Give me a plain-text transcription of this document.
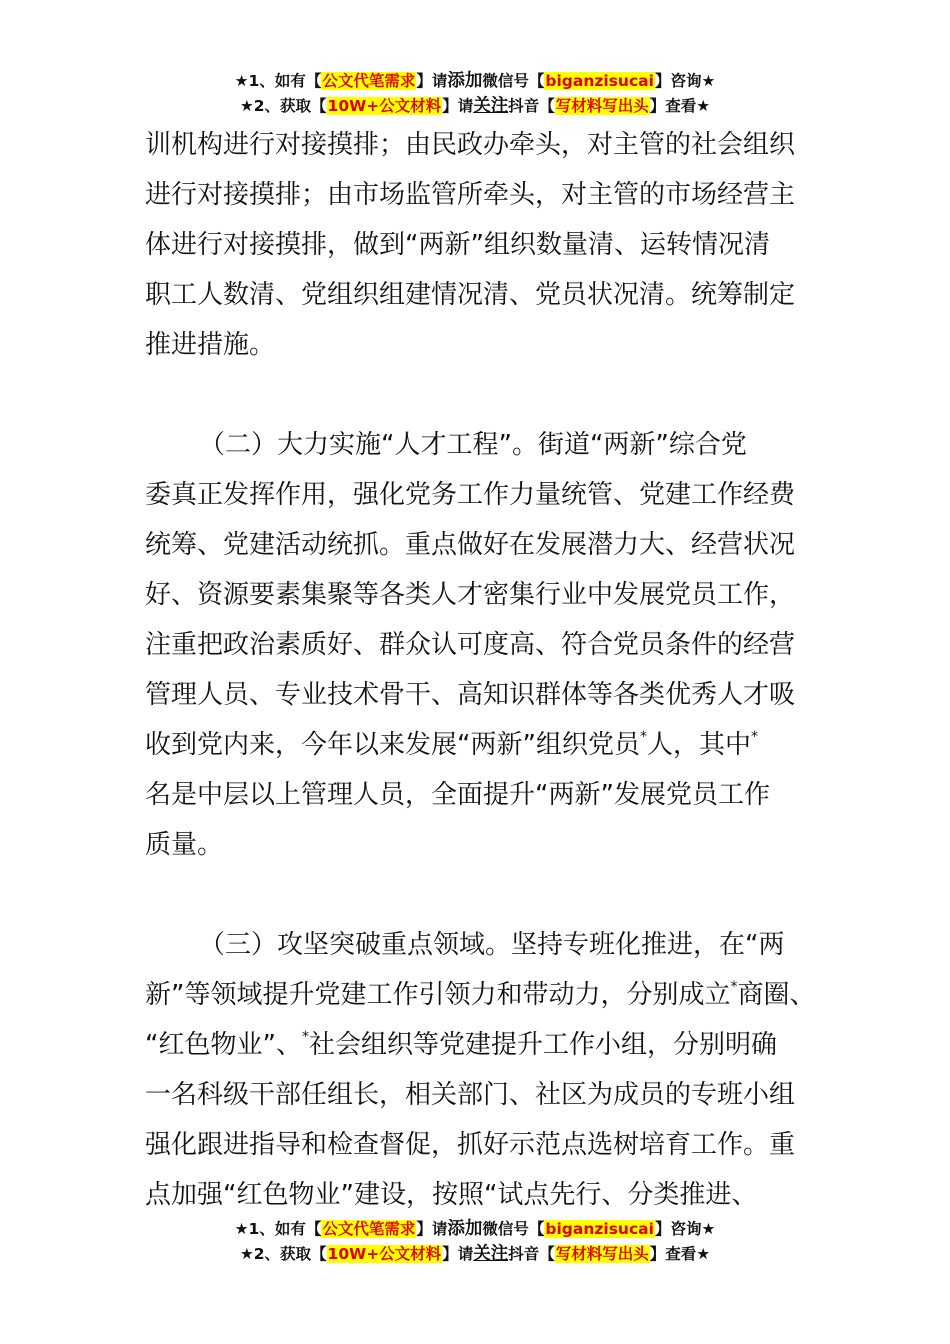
★1、如有【公文代笔需求】请添加微信号【biganzisucai】咨询★
★2、获取【10W+公文材料】请关注抖音【写材料写出头】查看★
训机构进行对接摸排；由民政办牵头，对主管的社会组织
进行对接摸排；由市场监管所牵头，对主管的市场经营主
体进行对接摸排，做到“两新”组织数量清、运转情况清
职工人数清、党组织组建情况清、党员状况清。统筹制定
推进措施。
（二）大力实施“人才工程”。街道“两新”综合党
委真正发挥作用，强化党务工作力量统管、党建工作经费
统筹、党建活动统抓。重点做好在发展潜力大、经营状况
好、资源要素集聚等各类人才密集行业中发展党员工作，
注重把政治素质好、群众认可度高、符合党员条件的经营
管理人员、专业技术骨干、高知识群体等各类优秀人才吸
收到党内来，今年以来发展“两新”组织党员*人，其中*
名是中层以上管理人员，全面提升“两新”发展党员工作
质量。
（三）攻坚突破重点领域。坚持专班化推进，在“两
新”等领域提升党建工作引领力和带动力，分别成立*商圈、
“红色物业”、*社会组织等党建提升工作小组，分别明确
一名科级干部任组长，相关部门、社区为成员的专班小组
强化跟进指导和检查督促，抓好示范点选树培育工作。重
点加强“红色物业”建设，按照“试点先行、分类推进、
★1、如有【公文代笔需求】请添加微信号【biganzisucai】咨询★
★2、获取【10W+公文材料】请关注抖音【写材料写出头】查看★
